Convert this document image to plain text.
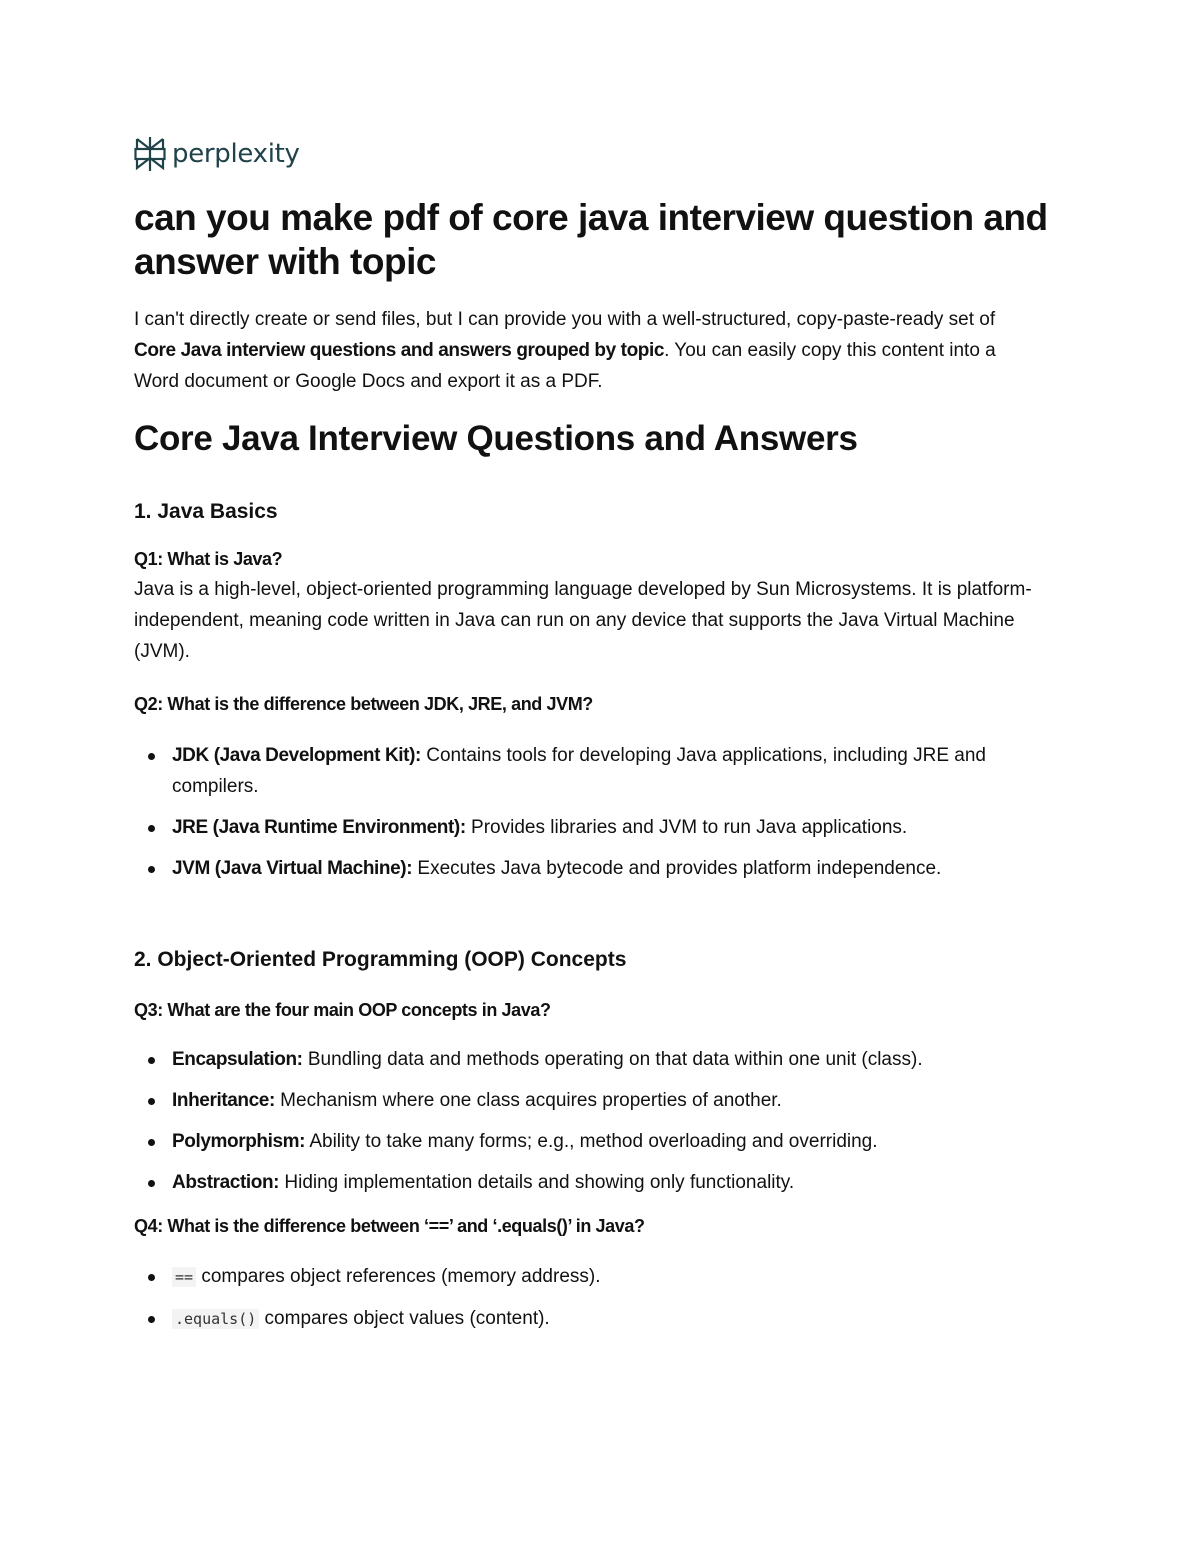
perplexity
can you make pdf of core java interview question and answer with topic

I can't directly create or send files, but I can provide you with a well-structured, copy-paste-ready set of Core Java interview questions and answers grouped by topic. You can easily copy this content into a Word document or Google Docs and export it as a PDF.

Core Java Interview Questions and Answers
1. Java Basics

Q1: What is Java?

Java is a high-level, object-oriented programming language developed by Sun Microsystems. It is platform-independent, meaning code written in Java can run on any device that supports the Java Virtual Machine (JVM).

Q2: What is the difference between JDK, JRE, and JVM?

JDK (Java Development Kit): Contains tools for developing Java applications, including JRE and compilers.
JRE (Java Runtime Environment): Provides libraries and JVM to run Java applications.
JVM (Java Virtual Machine): Executes Java bytecode and provides platform independence.
2. Object-Oriented Programming (OOP) Concepts

Q3: What are the four main OOP concepts in Java?

Encapsulation: Bundling data and methods operating on that data within one unit (class).
Inheritance: Mechanism where one class acquires properties of another.
Polymorphism: Ability to take many forms; e.g., method overloading and overriding.
Abstraction: Hiding implementation details and showing only functionality.

Q4: What is the difference between ‘==’ and ‘.equals()’ in Java?

== compares object references (memory address).
.equals() compares object values (content).
